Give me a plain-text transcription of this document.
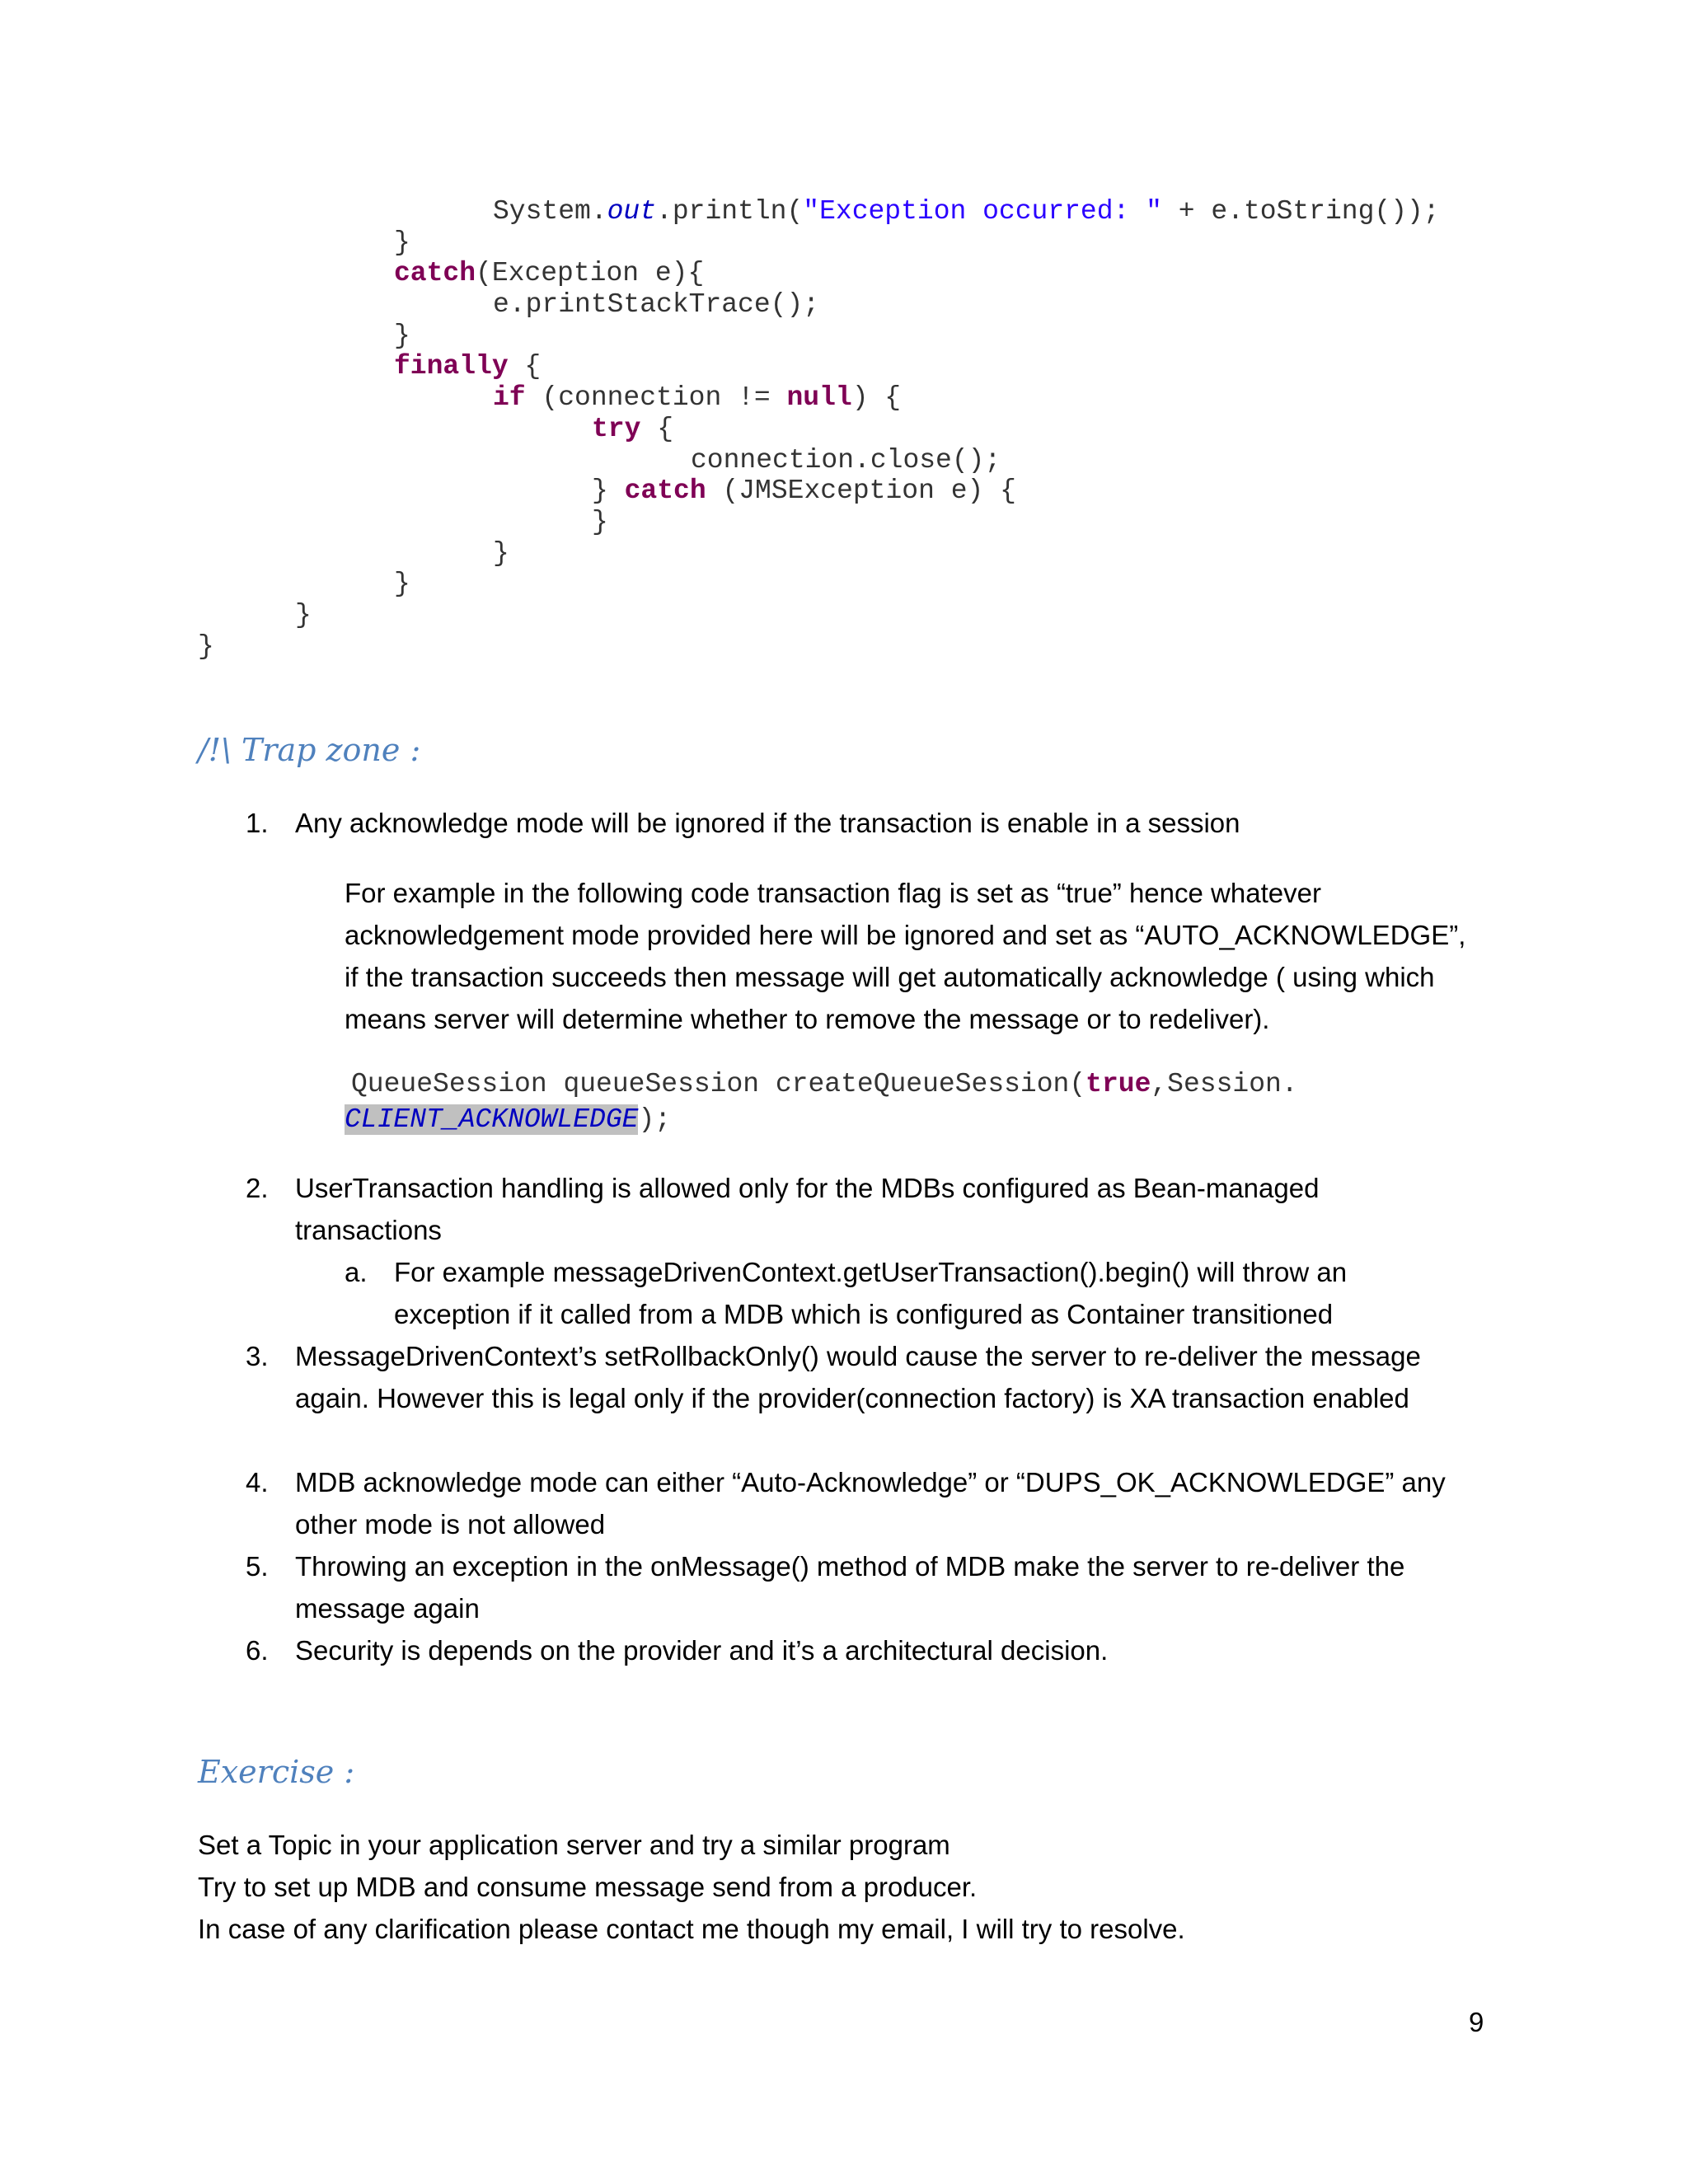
System.out.println("Exception occurred: " + e.toString());
}
catch(Exception e){
e.printStackTrace();
}
finally {
if (connection != null) {
try {
connection.close();
} catch (JMSException e) {
}
}
}
}
}
/!\ Trap zone :
1. Any acknowledge mode will be ignored if the transaction is enable in a session
For example in the following code transaction flag is set as “true” hence whatever
acknowledgement mode provided here will be ignored and set as “AUTO_ACKNOWLEDGE”,
if the transaction succeeds then message will get automatically acknowledge ( using which
means server will determine whether to remove the message or to redeliver).
QueueSession queueSession createQueueSession(true,Session.
CLIENT_ACKNOWLEDGE);
2. UserTransaction handling is allowed only for the MDBs configured as Bean-managed
transactions
a. For example messageDrivenContext.getUserTransaction().begin() will throw an
exception if it called from a MDB which is configured as Container transitioned
3. MessageDrivenContext’s setRollbackOnly() would cause the server to re-deliver the message
again. However this is legal only if the provider(connection factory) is XA transaction enabled
4. MDB acknowledge mode can either “Auto-Acknowledge” or “DUPS_OK_ACKNOWLEDGE” any
other mode is not allowed
5. Throwing an exception in the onMessage() method of MDB make the server to re-deliver the
message again
6. Security is depends on the provider and it’s a architectural decision.
Exercise :
Set a Topic in your application server and try a similar program
Try to set up MDB and consume message send from a producer.
In case of any clarification please contact me though my email, I will try to resolve.
9
